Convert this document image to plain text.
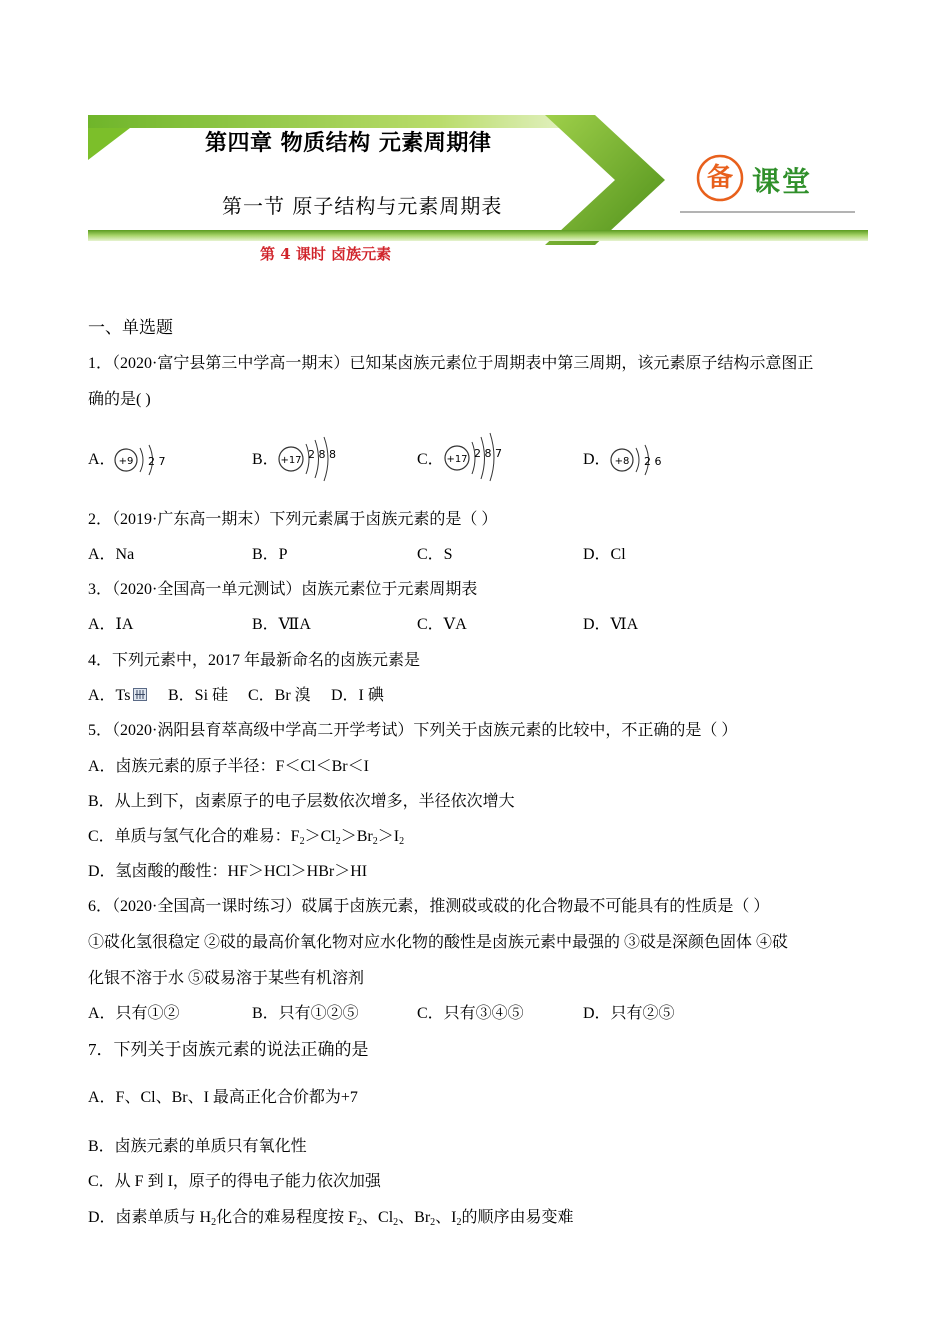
第四章 物质结构 元素周期律
第一节 原子结构与元素周期表
第 4 课时 卤族元素
备 课堂
一、单选题
1．（2020·富宁县第三中学高一期末）已知某卤族元素位于周期表中第三周期，该元素原子结构示意图正
确的是( )
A． +9 2 7	B． +17 2 8 8	C． +17 2 8 7	D． +8 2 6
2．（2019·广东高一期末）下列元素属于卤族元素的是（ ）
A．Na	B．P	C．S	D．Cl
3．（2020·全国高一单元测试）卤族元素位于元素周期表
A．ⅠA	B．ⅦA	C．ⅤA	D．ⅥA
4．下列元素中，2017 年最新命名的卤族元素是
A．Ts	B．Si 硅 C．Br 溴 D．I 碘
5．（2020·涡阳县育萃高级中学高二开学考试）下列关于卤族元素的比较中，不正确的是（ ）
A．卤族元素的原子半径：F＜Cl＜Br＜I
B．从上到下，卤素原子的电子层数依次增多，半径依次增大
C．单质与氢气化合的难易：$F_2>Cl_2>Br_2>I_2$
D．氢卤酸的酸性：HF＞HCl＞HBr＞HI
6．（2020·全国高一课时练习）砹属于卤族元素，推测砹或砹的化合物最不可能具有的性质是（ ）
①砹化氢很稳定 ②砹的最高价氧化物对应水化物的酸性是卤族元素中最强的 ③砹是深颜色固体 ④砹
化银不溶于水 ⑤砹易溶于某些有机溶剂
A．只有①②	B．只有①②⑤	C．只有③④⑤	D．只有②⑤
7．下列关于卤族元素的说法正确的是
A．F、Cl、Br、I 最高正化合价都为+7
B．卤族元素的单质只有氧化性
C．从 F 到 I，原子的得电子能力依次加强
D．卤素单质与 $H_2$化合的难易程度按 $F_2$、$Cl_2$、$Br_2$、$I_2$的顺序由易变难
